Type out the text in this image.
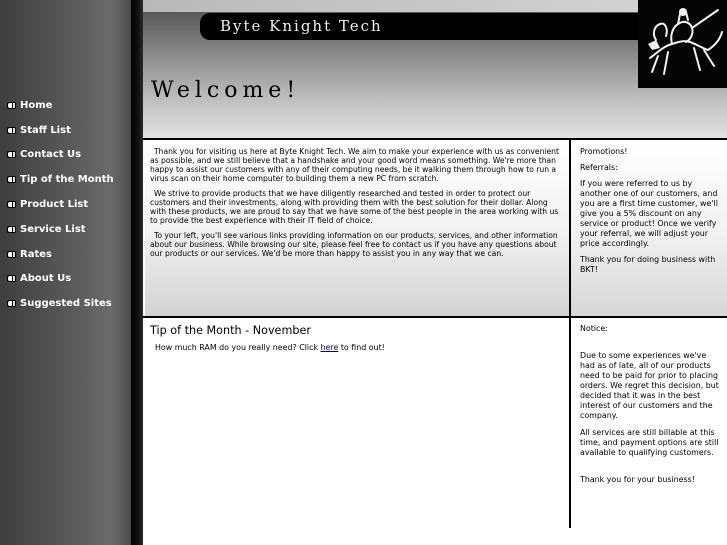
Home
Staff List
Contact Us
Tip of the Month
Product List
Service List
Rates
About Us
Suggested Sites
Byte Knight Tech
Welcome!

Thank you for visiting us here at Byte Knight Tech. We aim to make your experience with us as convenient as possible, and we still believe that a handshake and your good word means something. We're more than happy to assist our customers with any of their computing needs, be it walking them through how to run a virus scan on their home computer to building them a new PC from scratch.

We strive to provide products that we have diligently researched and tested in order to protect our customers and their investments, along with providing them with the best solution for their dollar. Along with these products, we are proud to say that we have some of the best people in the area working with us to provide the best experience with their IT field of choice.

To your left, you'll see various links providing information on our products, services, and other information about our business. While browsing our site, please feel free to contact us if you have any questions about our products or our services. We'd be more than happy to assist you in any way that we can.

Promotions!

Referrals:

If you were referred to us by another one of our customers, and you are a first time customer, we'll give you a 5% discount on any service or product! Once we verify your referral, we will adjust your price accordingly.

Thank you for doing business with BKT!

Tip of the Month - November

How much RAM do you really need? Click here to find out!

Notice:

Due to some experiences we've had as of late, all of our products need to be paid for prior to placing orders. We regret this decision, but decided that it was in the best interest of our customers and the company.

All services are still billable at this time, and payment options are still available to qualifying customers.

Thank you for your business!
